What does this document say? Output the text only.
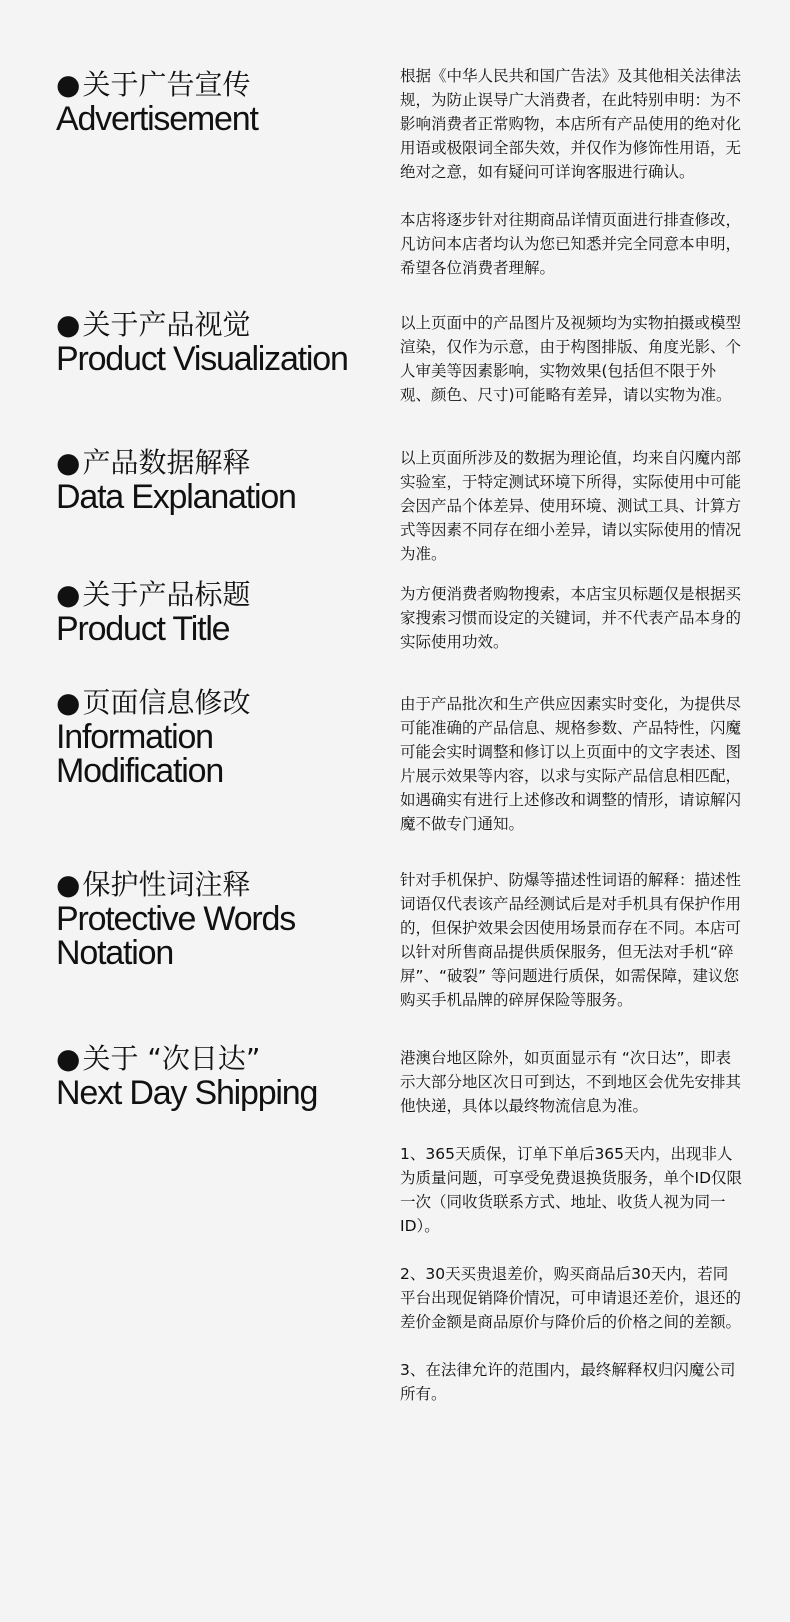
●关于广告宣传
Advertisement

根据《中华人民共和国广告法》及其他相关法律法规，为防止误导广大消费者，在此特别申明：为不影响消费者正常购物，本店所有产品使用的绝对化用语或极限词全部失效，并仅作为修饰性用语，无绝对之意，如有疑问可详询客服进行确认。

本店将逐步针对往期商品详情页面进行排查修改，凡访问本店者均认为您已知悉并完全同意本申明，希望各位消费者理解。

●关于产品视觉
Product Visualization

以上页面中的产品图片及视频均为实物拍摄或模型渲染，仅作为示意，由于构图排版、角度光影、个人审美等因素影响，实物效果(包括但不限于外观、颜色、尺寸)可能略有差异，请以实物为准。

●产品数据解释
Data Explanation

以上页面所涉及的数据为理论值，均来自闪魔内部实验室，于特定测试环境下所得，实际使用中可能会因产品个体差异、使用环境、测试工具、计算方式等因素不同存在细小差异，请以实际使用的情况为准。

●关于产品标题
Product Title

为方便消费者购物搜索，本店宝贝标题仅是根据买家搜索习惯而设定的关键词，并不代表产品本身的实际使用功效。

●页面信息修改
Information Modification

由于产品批次和生产供应因素实时变化，为提供尽可能准确的产品信息、规格参数、产品特性，闪魔可能会实时调整和修订以上页面中的文字表述、图片展示效果等内容，以求与实际产品信息相匹配，如遇确实有进行上述修改和调整的情形，请谅解闪魔不做专门通知。

●保护性词注释
Protective Words Notation

针对手机保护、防爆等描述性词语的解释：描述性词语仅代表该产品经测试后是对手机具有保护作用的，但保护效果会因使用场景而存在不同。本店可以针对所售商品提供质保服务，但无法对手机“碎屏”、“破裂” 等问题进行质保，如需保障，建议您购买手机品牌的碎屏保险等服务。

●关于 “次日达”
Next Day Shipping

港澳台地区除外，如页面显示有 “次日达”，即表示大部分地区次日可到达，不到地区会优先安排其他快递，具体以最终物流信息为准。

1、365天质保，订单下单后365天内，出现非人为质量问题，可享受免费退换货服务，单个ID仅限一次（同收货联系方式、地址、收货人视为同一ID）。

2、30天买贵退差价，购买商品后30天内，若同平台出现促销降价情况，可申请退还差价，退还的差价金额是商品原价与降价后的价格之间的差额。

3、在法律允许的范围内，最终解释权归闪魔公司所有。
